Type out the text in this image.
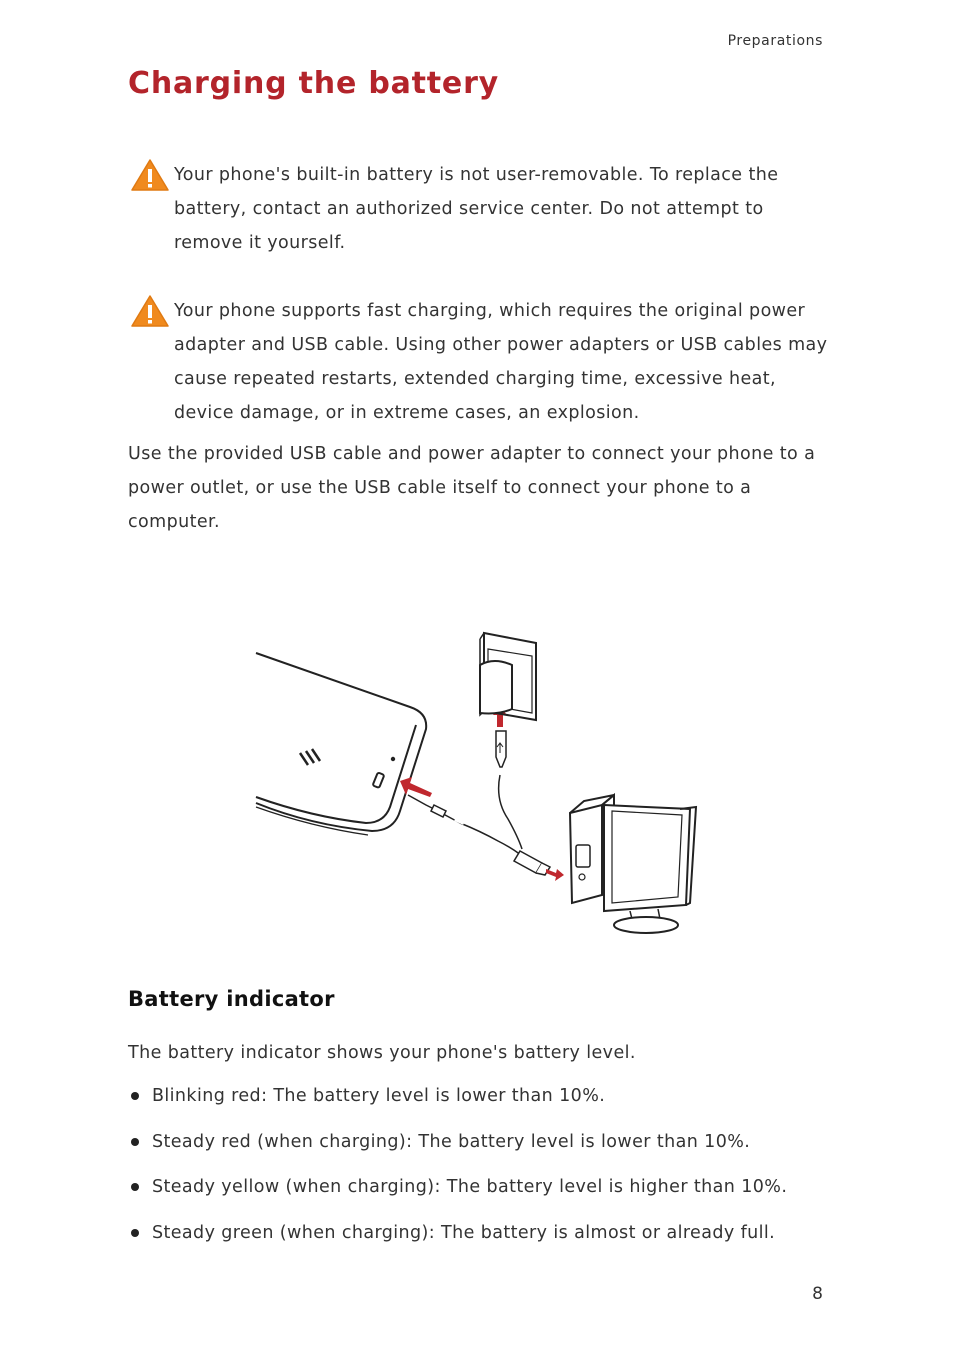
Preparations
Charging the battery
Your phone's built-in battery is not user-removable. To replace the battery, contact an authorized service center. Do not attempt to remove it yourself.
Your phone supports fast charging, which requires the original power adapter and USB cable. Using other power adapters or USB cables may cause repeated restarts, extended charging time, excessive heat, device damage, or in extreme cases, an explosion.

Use the provided USB cable and power adapter to connect your phone to a power outlet, or use the USB cable itself to connect your phone to a computer.

Battery indicator

The battery indicator shows your phone's battery level.

Blinking red: The battery level is lower than 10%.
Steady red (when charging): The battery level is lower than 10%.
Steady yellow (when charging): The battery level is higher than 10%.
Steady green (when charging): The battery is almost or already full.
8
